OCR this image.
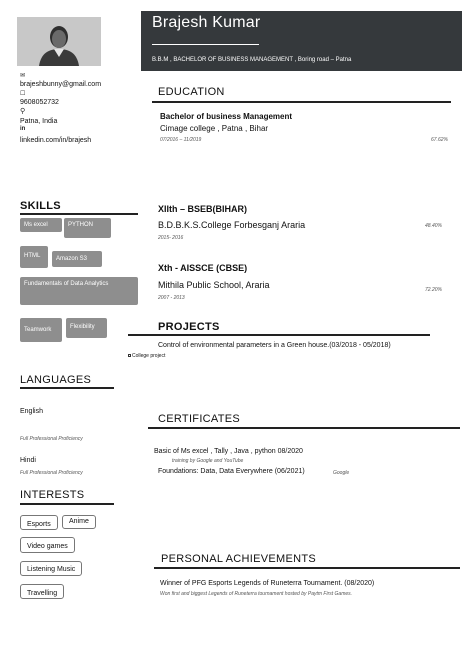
Brajesh Kumar
B.B.M , BACHELOR OF BUSINESS MANAGEMENT , Boring road – Patna
✉
brajeshbunny@gmail.com
☐
9608052732
⚲
Patna, India
in
linkedin.com/in/brajesh
SKILLS
Ms excel	PYTHON
HTML	Amazon S3
Fundamentals of Data Analytics
Teamwork	Flexibility
LANGUAGES
English
Full Professional Proficiency
Hindi
Full Professional Proficiency
INTERESTS
Esports	Anime
Video games
Listening Music
Travelling
EDUCATION
Bachelor of business Management
Cimage college , Patna , Bihar
07/2016 – 11/2019	67.62%
XIIth – BSEB(BIHAR)
B.D.B.K.S.College Forbesganj Araria
2015- 2016
48.40%
Xth - AISSCE (CBSE)
Mithila Public School, Araria
2007 - 2013
72.20%
PROJECTS
Control of environmental parameters in a Green house.(03/2018 - 05/2018)
College project
CERTIFICATES
Basic of Ms excel , Tally , Java , python 08/2020
training by Google and YouTube
Foundations: Data, Data Everywhere (06/2021)	Google
PERSONAL ACHIEVEMENTS
Winner of PFG Esports Legends of Runeterra Tournament. (08/2020)
Won first and biggest Legends of Runeterra tournament hosted by Paytm First Games.
